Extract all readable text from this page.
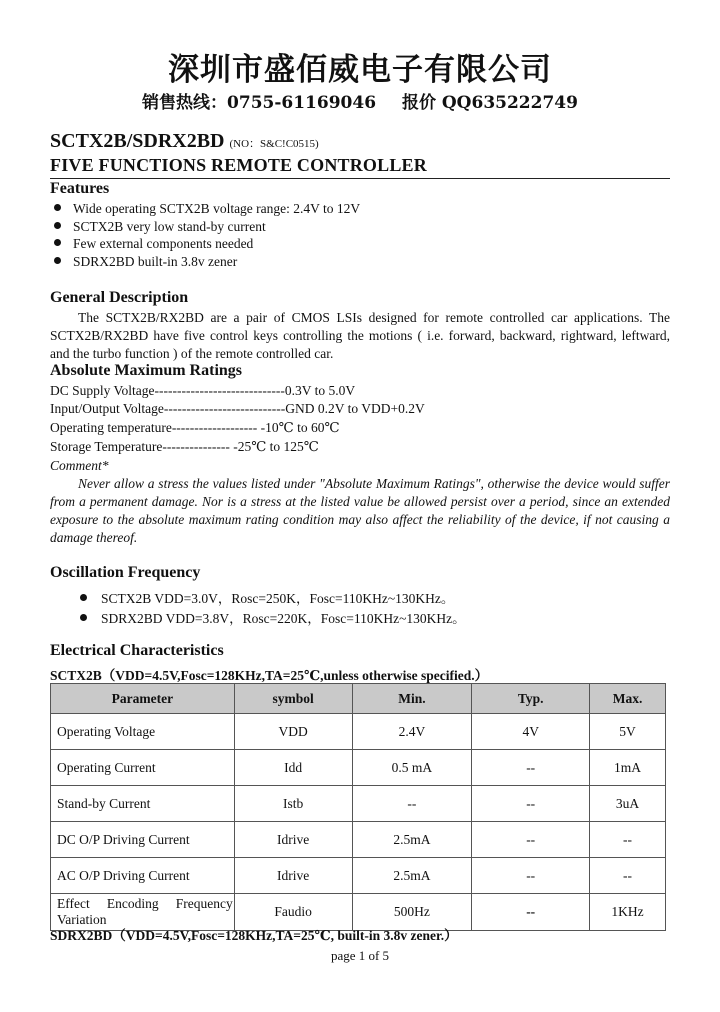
深圳市盛佰威电子有限公司
销售热线：0755-61169046 报价 QQ635222749
SCTX2B/SDRX2BD (NO：S&C!C0515)
FIVE FUNCTIONS REMOTE CONTROLLER
Features
Wide operating SCTX2B voltage range: 2.4V to 12V
SCTX2B very low stand-by current
Few external components needed
SDRX2BD built-in 3.8v zener
General Description

The SCTX2B/RX2BD are a pair of CMOS LSIs designed for remote controlled car applications. The SCTX2B/RX2BD have five control keys controlling the motions ( i.e. forward, backward, rightward, leftward, and the turbo function ) of the remote controlled car.

Absolute Maximum Ratings
DC Supply Voltage-----------------------------0.3V to 5.0V
Input/Output Voltage---------------------------GND 0.2V to VDD+0.2V
Operating temperature------------------- -10℃ to 60℃
Storage Temperature--------------- -25℃ to 125℃
Comment*

Never allow a stress the values listed under "Absolute Maximum Ratings", otherwise the device would suffer from a permanent damage. Nor is a stress at the listed value be allowed persist over a period, since an extended exposure to the absolute maximum rating condition may also affect the reliability of the device, if not causing a damage thereof.

Oscillation Frequency
SCTX2B VDD=3.0V，Rosc=250K，Fosc=110KHz~130KHz。
SDRX2BD VDD=3.8V，Rosc=220K，Fosc=110KHz~130KHz。
Electrical Characteristics
SCTX2B（VDD=4.5V,Fosc=128KHz,TA=25℃,unless otherwise specified.）
Parameter	symbol	Min.	Typ.	Max.
Operating Voltage	VDD	2.4V	4V	5V
Operating Current	Idd	0.5 mA	--	1mA
Stand-by Current	Istb	--	--	3uA
DC O/P Driving Current	Idrive	2.5mA	--	--
AC O/P Driving Current	Idrive	2.5mA	--	--
Effect Encoding Frequency Variation	Faudio	500Hz	--	1KHz
SDRX2BD（VDD=4.5V,Fosc=128KHz,TA=25℃, built-in 3.8v zener.）
page 1 of 5
